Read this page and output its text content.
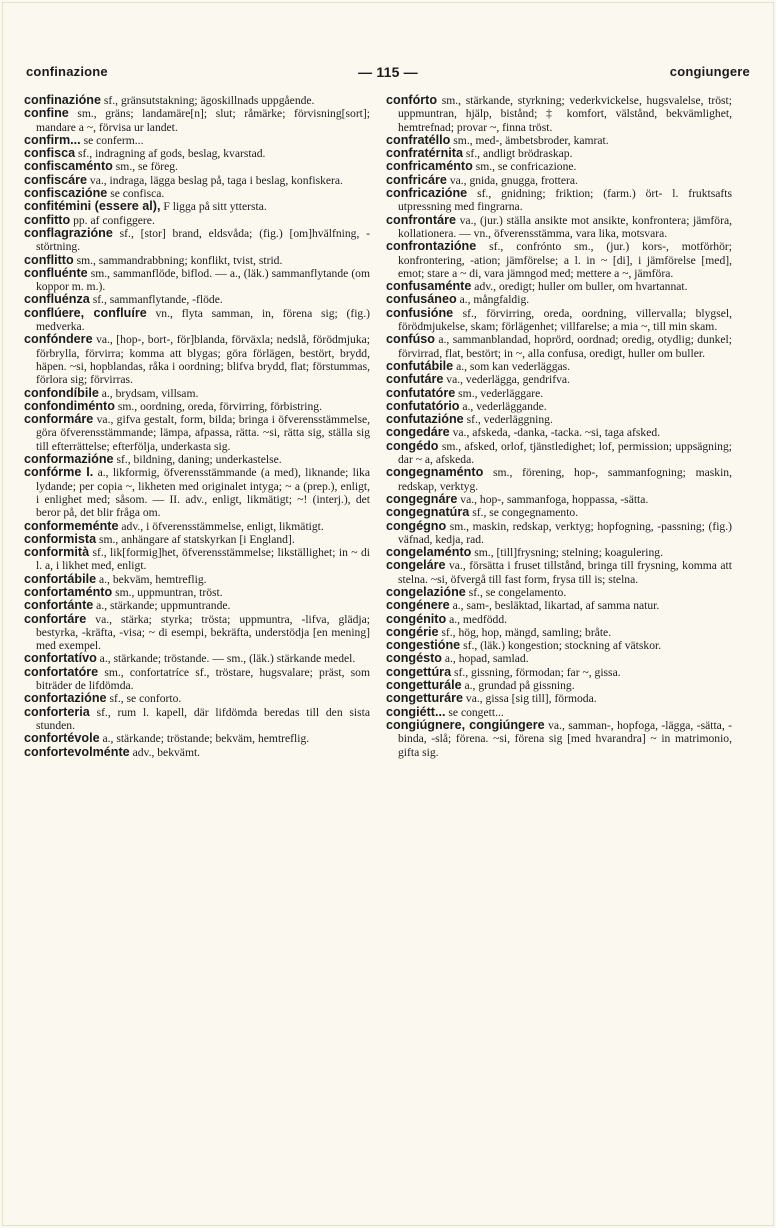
confinazione	— 115 —	congiungere
confinazióne sf., gränsutstakning; ägoskillnads uppgående.
confine sm., gräns; landamäre[n]; slut; råmärke; förvisning[sort]; mandare a ~, förvisa ur landet.
confirm... se conferm...
confisca sf., indragning af gods, beslag, kvarstad.
confiscaménto sm., se föreg.
confiscáre va., indraga, lägga beslag på, taga i beslag, konfiskera.
confiscazióne se confisca.
confitémini (essere al), F ligga på sitt yttersta.
confitto pp. af configgere.
conflagrazióne sf., [stor] brand, eldsvåda; (fig.) [om]hvälfning, -störtning.
conflitto sm., sammandrabbning; konflikt, tvist, strid.
confluénte sm., sammanflöde, biflod. — a., (läk.) sammanflytande (om koppor m. m.).
confluénza sf., sammanflytande, -flöde.
conflúere, confluíre vn., flyta samman, in, förena sig; (fig.) medverka.
confóndere va., [hop-, bort-, för]blanda, förväxla; nedslå, förödmjuka; förbrylla, förvirra; komma att blygas; göra förlägen, bestört, brydd, häpen. ~si, hopblandas, råka i oordning; blifva brydd, flat; förstummas, förlora sig; förvirras.
confondíbile a., brydsam, villsam.
confondiménto sm., oordning, oreda, förvirring, förbistring.
conformáre va., gifva gestalt, form, bilda; bringa i öfverensstämmelse, göra öfverensstämmande; lämpa, afpassa, rätta. ~si, rätta sig, ställa sig till efterrättelse; efterfölja, underkasta sig.
conformazióne sf., bildning, daning; underkastelse.
confórme I. a., likformig, öfverensstämmande (a med), liknande; lika lydande; per copia ~, likheten med originalet intyga; ~ a (prep.), enligt, i enlighet med; såsom. — II. adv., enligt, likmätigt; ~! (interj.), det beror på, det blir fråga om.
conformeménte adv., i öfverensstämmelse, enligt, likmätigt.
conformista sm., anhängare af statskyrkan [i England].
conformità sf., lik[formig]het, öfverensstämmelse; likställighet; in ~ di l. a, i likhet med, enligt.
confortábile a., bekväm, hemtreflig.
confortaménto sm., uppmuntran, tröst.
confortánte a., stärkande; uppmuntrande.
confortáre va., stärka; styrka; trösta; uppmuntra, -lifva, glädja; bestyrka, -kräfta, -visa; ~ di esempi, bekräfta, understödja [en mening] med exempel.
confortatívo a., stärkande; tröstande. — sm., (läk.) stärkande medel.
confortatóre sm., confortatríce sf., tröstare, hugsvalare; präst, som biträder de lifdömda.
confortazióne sf., se conforto.
conforteria sf., rum l. kapell, där lifdömda beredas till den sista stunden.
confortévole a., stärkande; tröstande; bekväm, hemtreflig.
confortevolménte adv., bekvämt.
confórto sm., stärkande, styrkning; vederkvickelse, hugsvalelse, tröst; uppmuntran, hjälp, bistånd; ‡ komfort, välstånd, bekvämlighet, hemtrefnad; provar ~, finna tröst.
confratéllo sm., med-, ämbetsbroder, kamrat.
confratérnita sf., andligt brödraskap.
confricaménto sm., se confricazione.
confricáre va., gnida, gnugga, frottera.
confricazióne sf., gnidning; friktion; (farm.) ört- l. fruktsafts utpressning med fingrarna.
confrontáre va., (jur.) ställa ansikte mot ansikte, konfrontera; jämföra, kollationera. — vn., öfverensstämma, vara lika, motsvara.
confrontazióne sf., confrónto sm., (jur.) kors-, motförhör; konfrontering, -ation; jämförelse; a l. in ~ [di], i jämförelse [med], emot; stare a ~ di, vara jämngod med; mettere a ~, jämföra.
confusaménte adv., oredigt; huller om buller, om hvartannat.
confusáneo a., mångfaldig.
confusióne sf., förvirring, oreda, oordning, villervalla; blygsel, förödmjukelse, skam; förlägenhet; villfarelse; a mia ~, till min skam.
confúso a., sammanblandad, hoprörd, oordnad; oredig, otydlig; dunkel; förvirrad, flat, bestört; in ~, alla confusa, oredigt, huller om buller.
confutábile a., som kan vederläggas.
confutáre va., vederlägga, gendrifva.
confutatóre sm., vederläggare.
confutatório a., vederläggande.
confutazióne sf., vederläggning.
congedáre va., afskeda, -danka, -tacka. ~si, taga afsked.
congédo sm., afsked, orlof, tjänstledighet; lof, permission; uppsägning; dar ~ a, afskeda.
congegnaménto sm., förening, hop-, sammanfogning; maskin, redskap, verktyg.
congegnáre va., hop-, sammanfoga, hoppassa, -sätta.
congegnatúra sf., se congegnamento.
congégno sm., maskin, redskap, verktyg; hopfogning, -passning; (fig.) väfnad, kedja, rad.
congelaménto sm., [till]frysning; stelning; koagulering.
congeláre va., försätta i fruset tillstånd, bringa till frysning, komma att stelna. ~si, öfvergå till fast form, frysa till is; stelna.
congelazióne sf., se congelamento.
congénere a., sam-, besläktad, likartad, af samma natur.
congénito a., medfödd.
congérie sf., hög, hop, mängd, samling; bråte.
congestióne sf., (läk.) kongestion; stockning af vätskor.
congésto a., hopad, samlad.
congettúra sf., gissning, förmodan; far ~, gissa.
congetturále a., grundad på gissning.
congetturáre va., gissa [sig till], förmoda.
congiétt... se congett...
congiúgnere, congiúngere va., samman-, hopfoga, -lägga, -sätta, -binda, -slå; förena. ~si, förena sig [med hvarandra] ~ in matrimonio, gifta sig.
